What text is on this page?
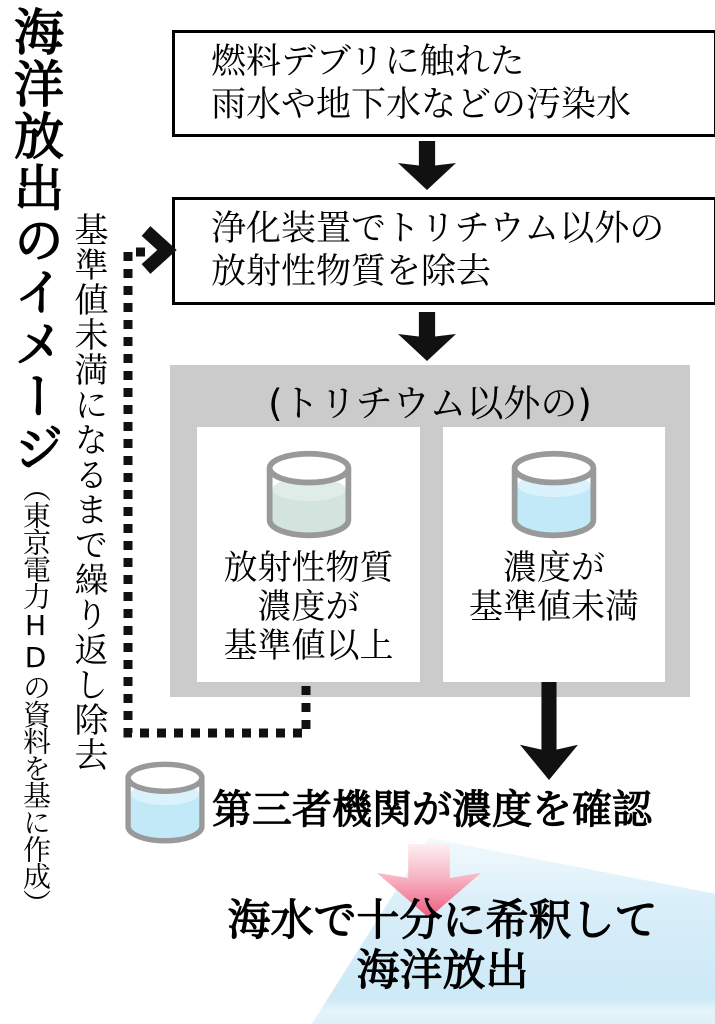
海洋放出のイメージ（東京電力HDの資料を基に作成）
基準値未満になるまで繰り返し除去
燃料デブリに触れた
雨水や地下水などの汚染水
浄化装置でトリチウム以外の
放射性物質を除去
(トリチウム以外の)
放射性物質
濃度が
基準値以上
濃度が
基準値未満
第三者機関が濃度を確認
海水で十分に希釈して
海洋放出
